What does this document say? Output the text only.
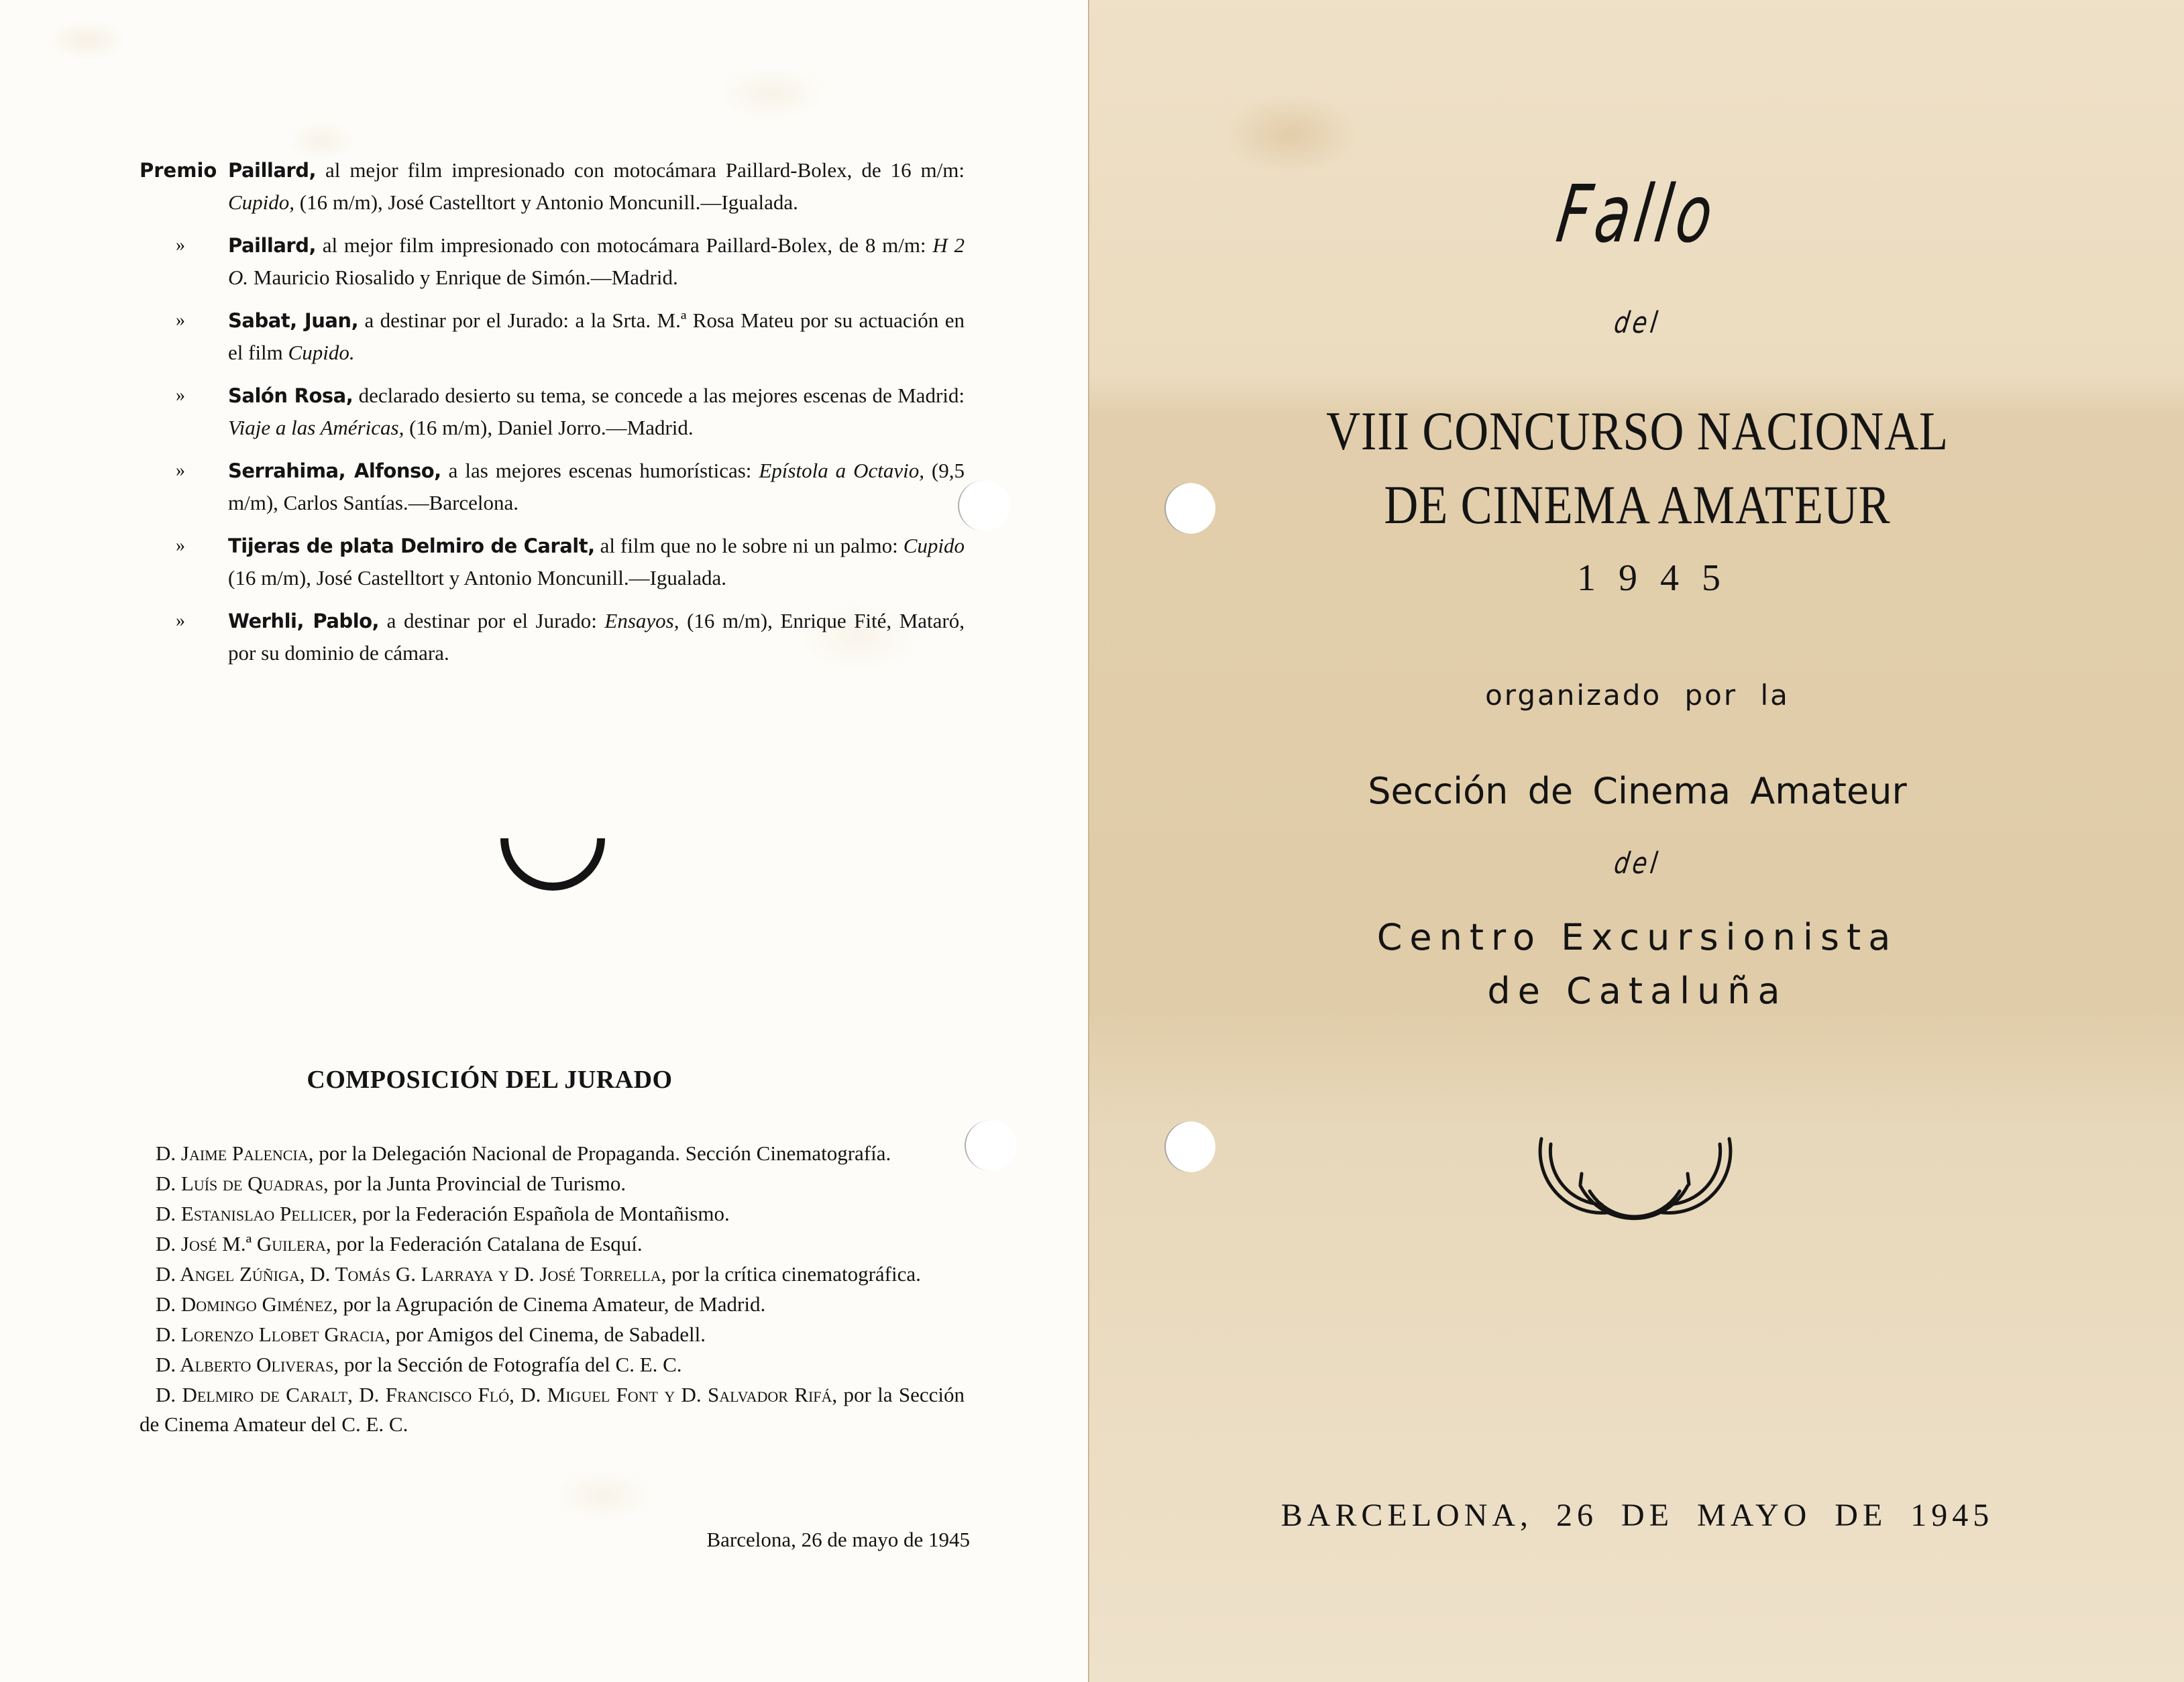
Premio Paillard, al mejor film impresionado con motocámara Paillard-Bolex, de 16 m/m: Cupido, (16 m/m), José Castelltort y Antonio Moncunill.—Igualada.
» Paillard, al mejor film impresionado con motocámara Paillard-Bolex, de 8 m/m: H 2 O. Mauricio Riosalido y Enrique de Simón.—Madrid.
» Sabat, Juan, a destinar por el Jurado: a la Srta. M.ª Rosa Mateu por su actuación en el film Cupido.
» Salón Rosa, declarado desierto su tema, se concede a las mejores escenas de Madrid: Viaje a las Américas, (16 m/m), Daniel Jorro.—Madrid.
» Serrahima, Alfonso, a las mejores escenas humorísticas: Epístola a Octavio, (9,5 m/m), Carlos Santías.—Barcelona.
» Tijeras de plata Delmiro de Caralt, al film que no le sobre ni un palmo: Cupido (16 m/m), José Castelltort y Antonio Moncunill.—Igualada.
» Werhli, Pablo, a destinar por el Jurado: Ensayos, (16 m/m), Enrique Fité, Mataró, por su dominio de cámara.
COMPOSICIÓN DEL JURADO

D. Jaime Palencia, por la Delegación Nacional de Propaganda. Sección Cinematografía.

D. Luís de Quadras, por la Junta Provincial de Turismo.

D. Estanislao Pellicer, por la Federación Española de Montañismo.

D. José M.ª Guilera, por la Federación Catalana de Esquí.

D. Angel Zúñiga, D. Tomás G. Larraya y D. José Torrella, por la crítica cinematográfica.

D. Domingo Giménez, por la Agrupación de Cinema Amateur, de Madrid.

D. Lorenzo Llobet Gracia, por Amigos del Cinema, de Sabadell.

D. Alberto Oliveras, por la Sección de Fotografía del C. E. C.

D. Delmiro de Caralt, D. Francisco Fló, D. Miguel Font y D. Salvador Rifá, por la Sección de Cinema Amateur del C. E. C.

Barcelona, 26 de mayo de 1945
Fallo
del
VIII CONCURSO NACIONAL
DE CINEMA AMATEUR
1945
organizado por la
Sección de Cinema Amateur
del
Centro Excursionista
de Cataluña
BARCELONA, 26 DE MAYO DE 1945
